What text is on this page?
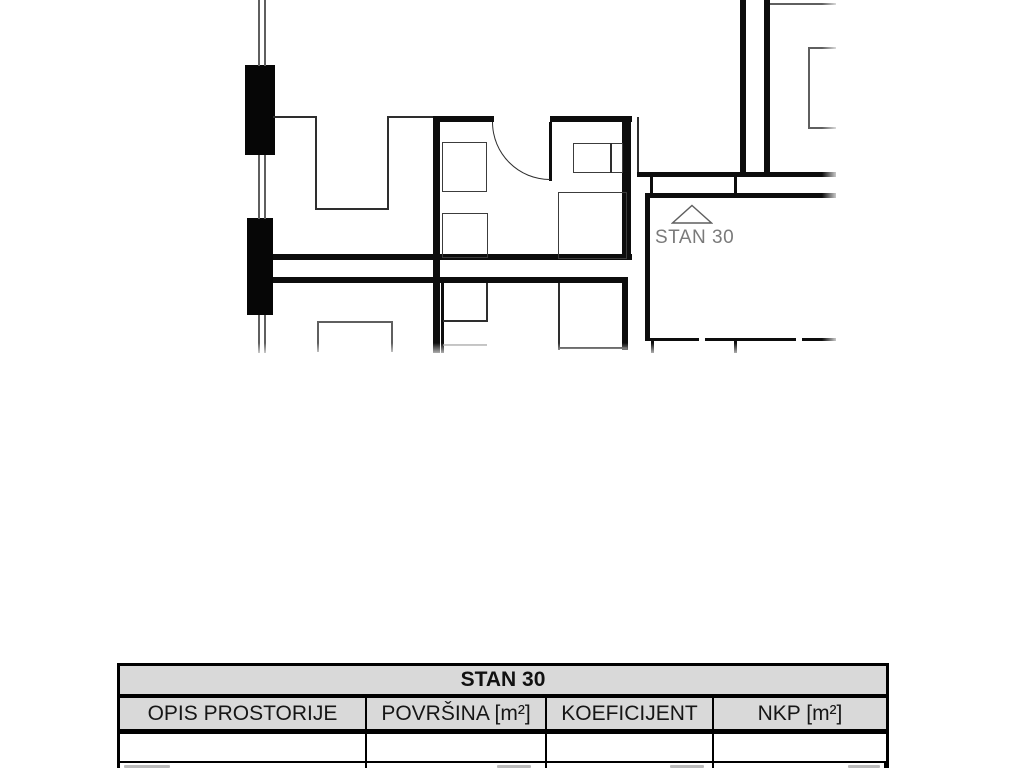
STAN 30
STAN 30
OPIS PROSTORIJE POVRŠINA [m²] KOEFICIJENT	NKP [m²]
